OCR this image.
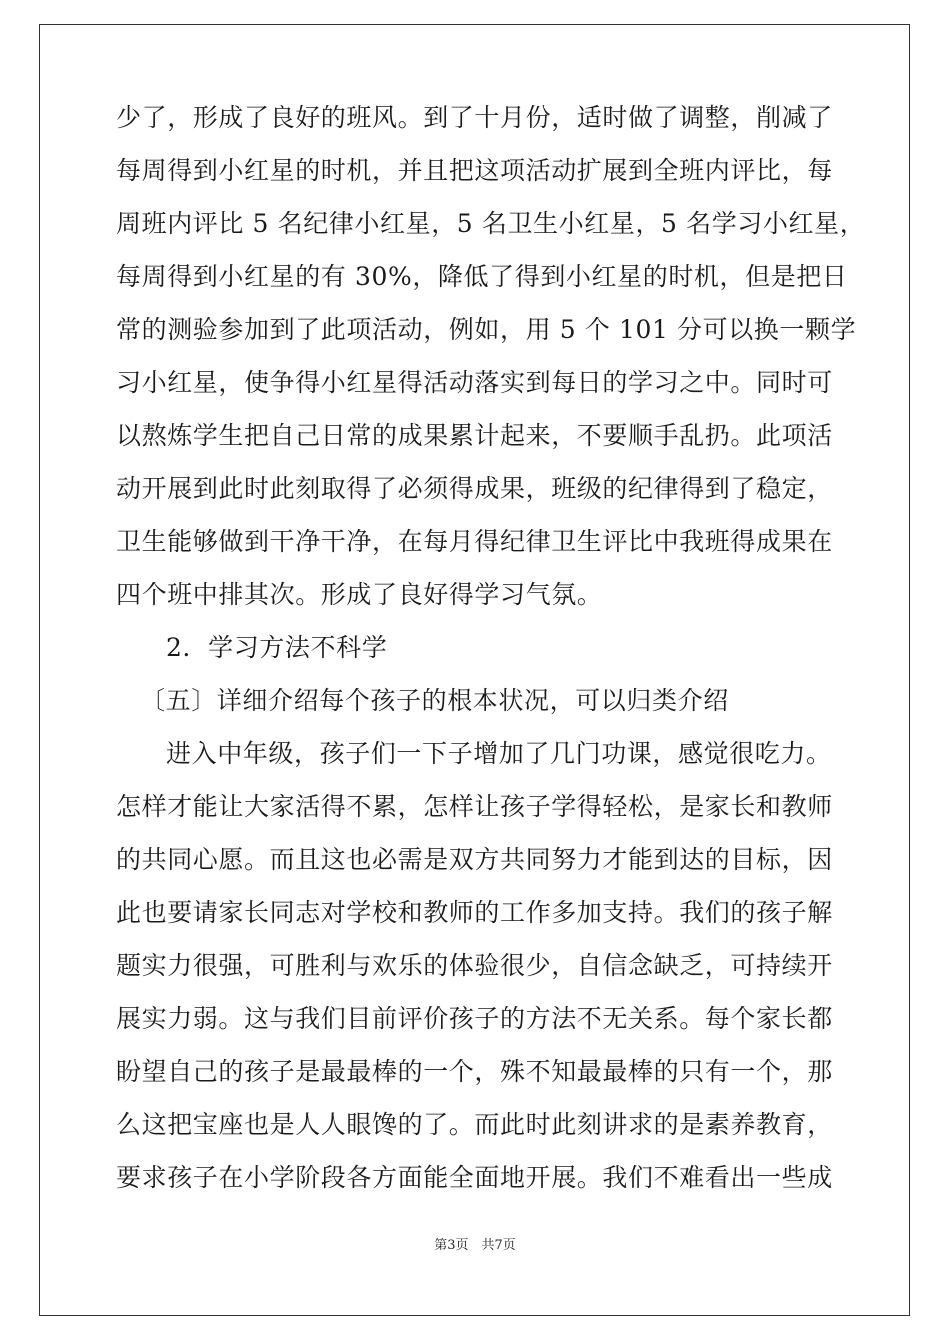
少了，形成了良好的班风。到了十月份，适时做了调整，削减了
每周得到小红星的时机，并且把这项活动扩展到全班内评比，每
周班内评比 5 名纪律小红星，5 名卫生小红星，5 名学习小红星，
每周得到小红星的有 30%，降低了得到小红星的时机，但是把日
常的测验参加到了此项活动，例如，用 5 个 101 分可以换一颗学
习小红星，使争得小红星得活动落实到每日的学习之中。同时可
以熬炼学生把自己日常的成果累计起来，不要顺手乱扔。此项活
动开展到此时此刻取得了必须得成果，班级的纪律得到了稳定，
卫生能够做到干净干净，在每月得纪律卫生评比中我班得成果在
四个班中排其次。形成了良好得学习气氛。
2．学习方法不科学
〔五〕详细介绍每个孩子的根本状况，可以归类介绍
进入中年级，孩子们一下子增加了几门功课，感觉很吃力。
怎样才能让大家活得不累，怎样让孩子学得轻松，是家长和教师
的共同心愿。而且这也必需是双方共同努力才能到达的目标，因
此也要请家长同志对学校和教师的工作多加支持。我们的孩子解
题实力很强，可胜利与欢乐的体验很少，自信念缺乏，可持续开
展实力弱。这与我们目前评价孩子的方法不无关系。每个家长都
盼望自己的孩子是最最棒的一个，殊不知最最棒的只有一个，那
么这把宝座也是人人眼馋的了。而此时此刻讲求的是素养教育，
要求孩子在小学阶段各方面能全面地开展。我们不难看出一些成
第3页　共7页
